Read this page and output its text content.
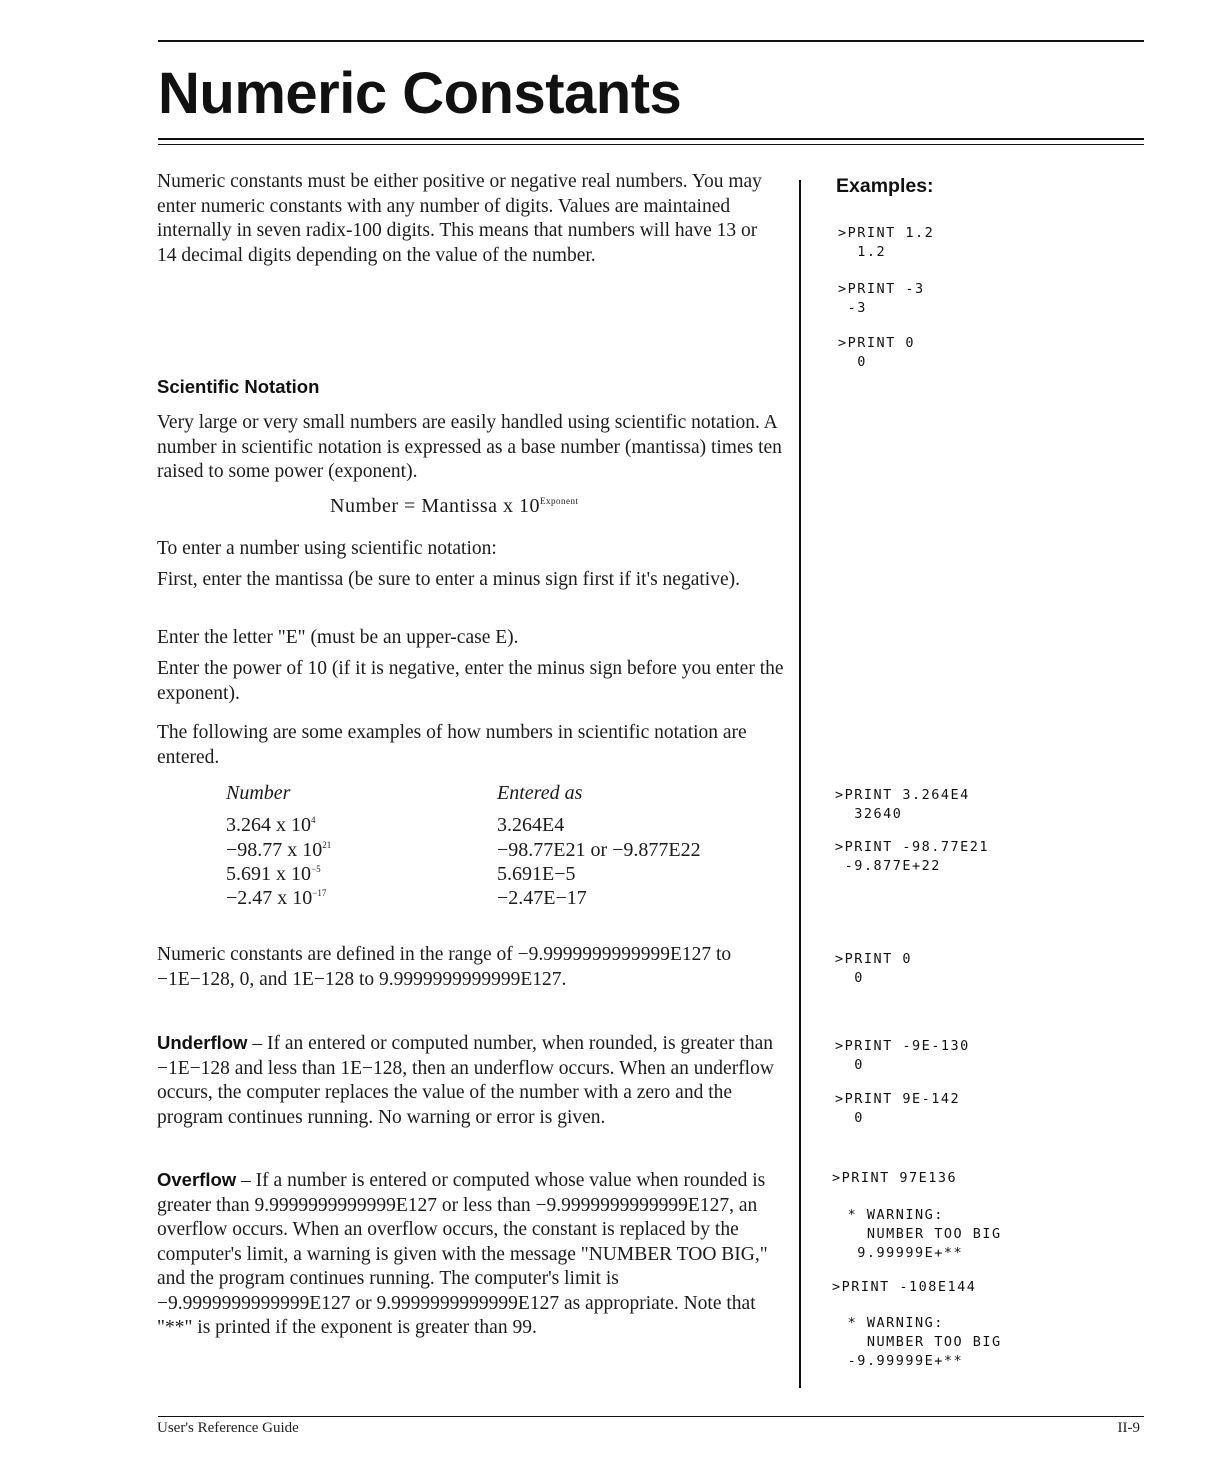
Numeric Constants
Numeric constants must be either positive or negative real numbers. You may enter numeric constants with any number of digits. Values are maintained internally in seven radix-100 digits. This means that numbers will have 13 or 14 decimal digits depending on the value of the number.
Scientific Notation
Very large or very small numbers are easily handled using scientific notation. A number in scientific notation is expressed as a base number (mantissa) times ten raised to some power (exponent).
Number = Mantissa x $10^{Exponent}$
To enter a number using scientific notation:
First, enter the mantissa (be sure to enter a minus sign first if it's negative).
Enter the letter "E" (must be an upper-case E).
Enter the power of 10 (if it is negative, enter the minus sign before you enter the exponent).
The following are some examples of how numbers in scientific notation are entered.
Number	Entered as
3.264 x $10^4$	3.264E4
−98.77 x $10^{21}$	−98.77E21 or −9.877E22
5.691 x $10^{-5}$	5.691E−5
−2.47 x $10^{-17}$	−2.47E−17
Numeric constants are defined in the range of −9.9999999999999E127 to −1E−128, 0, and 1E−128 to 9.9999999999999E127.
Underflow – If an entered or computed number, when rounded, is greater than −1E−128 and less than 1E−128, then an underflow occurs. When an underflow occurs, the computer replaces the value of the number with a zero and the program continues running. No warning or error is given.
Overflow – If a number is entered or computed whose value when rounded is greater than 9.9999999999999E127 or less than −9.9999999999999E127, an overflow occurs. When an overflow occurs, the constant is replaced by the computer's limit, a warning is given with the message "NUMBER TOO BIG," and the program continues running. The computer's limit is −9.9999999999999E127 or 9.9999999999999E127 as appropriate. Note that "**" is printed if the exponent is greater than 99.
Examples:
>PRINT 1.2
1.2
>PRINT -3
-3
>PRINT 0
0
>PRINT 3.264E4
32640
>PRINT -98.77E21
-9.877E+22
>PRINT 0
0
>PRINT -9E-130
0
>PRINT 9E-142
0
>PRINT 97E136
* WARNING:
NUMBER TOO BIG
9.99999E+**
>PRINT -108E144
* WARNING:
NUMBER TOO BIG
-9.99999E+**
User's Reference Guide	II-9
